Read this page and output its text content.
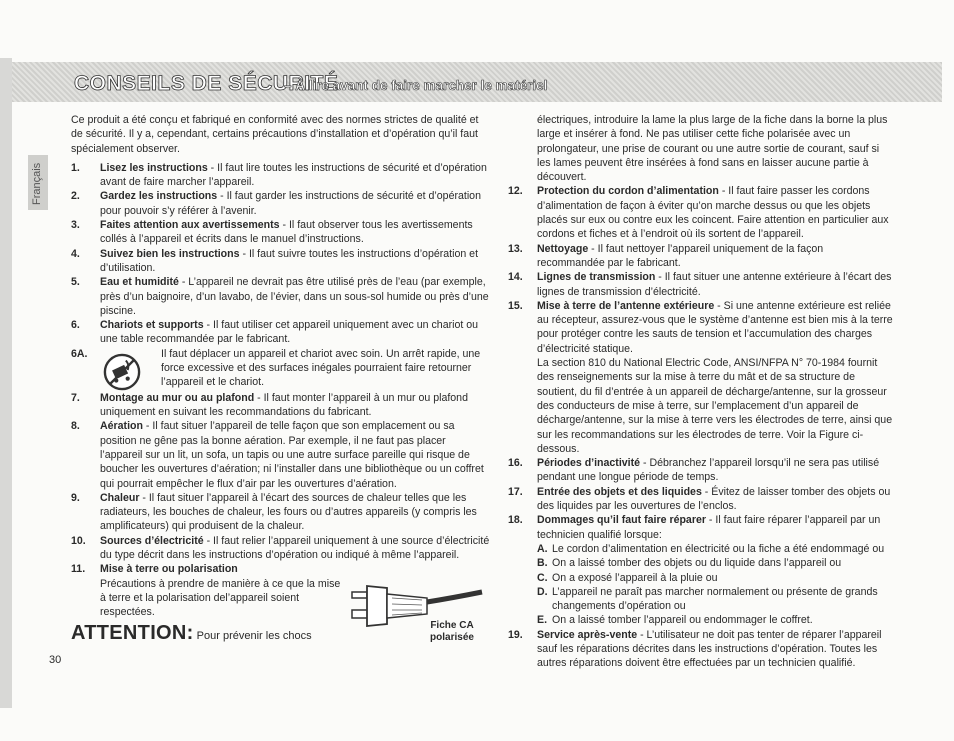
CONSEILS DE SÉCURITÉ
– À lire avant de faire marcher le matériel
Français

Ce produit a été conçu et fabriqué en conformité avec des normes strictes de qualité et de sécurité. Il y a, cependant, certains précautions d’installation et d’opération qu’il faut spécialement observer.

1. Lisez les instructions - Il faut lire toutes les instructions de sécurité et d’opération avant de faire marcher l’appareil.
2. Gardez les instructions - Il faut garder les instructions de sécurité et d’opération pour pouvoir s’y référer à l’avenir.
3. Faites attention aux avertissements - Il faut observer tous les avertissements collés à l’appareil et écrits dans le manuel d’instructions.
4. Suivez bien les instructions - Il faut suivre toutes les instructions d’opération et d’utilisation.
5. Eau et humidité - L’appareil ne devrait pas être utilisé près de l’eau (par exemple, près d’un baignoire, d’un lavabo, de l’évier, dans un sous-sol humide ou près d’une piscine.
6. Chariots et supports - Il faut utiliser cet appareil uniquement avec un chariot ou une table recommandée par le fabricant.
6A.	Il faut déplacer un appareil et chariot avec soin. Un arrêt rapide, une force excessive et des surfaces inégales pourraient faire retourner l’appareil et le chariot.
7. Montage au mur ou au plafond - Il faut monter l’appareil à un mur ou plafond uniquement en suivant les recommandations du fabricant.
8. Aération - Il faut situer l’appareil de telle façon que son emplacement ou sa position ne gêne pas la bonne aération. Par exemple, il ne faut pas placer l’appareil sur un lit, un sofa, un tapis ou une autre surface pareille qui risque de boucher les ouvertures d’aération; ni l’installer dans une bibliothèque ou un coffret qui pourrait empêcher le flux d’air par les ouvertures d’aération.
9. Chaleur - Il faut situer l’appareil à l’écart des sources de chaleur telles que les radiateurs, les bouches de chaleur, les fours ou d’autres appareils (y compris les amplificateurs) qui produisent de la chaleur.
10. Sources d’électricité - Il faut relier l’appareil uniquement à une source d’électricité du type décrit dans les instructions d’opération ou indiqué à même l’appareil.
11. Mise à terre ou polarisation
Précautions à prendre de manière à ce que la mise à terre et la polarisation del’appareil soient respectées.
Fiche CA polarisée
ATTENTION: Pour prévenir les chocs
30

électriques, introduire la lame la plus large de la fiche dans la borne la plus large et insérer à fond. Ne pas utiliser cette fiche polarisée avec un prolongateur, une prise de courant ou une autre sortie de courant, sauf si les lames peuvent être insérées à fond sans en laisser aucune partie à découvert.

12. Protection du cordon d’alimentation - Il faut faire passer les cordons d’alimentation de façon à éviter qu’on marche dessus ou que les objets placés sur eux ou contre eux les coincent. Faire attention en particulier aux cordons et fiches et à l’endroit où ils sortent de l’appareil.
13. Nettoyage - Il faut nettoyer l’appareil uniquement de la façon recommandée par le fabricant.
14. Lignes de transmission - Il faut situer une antenne extérieure à l’écart des lignes de transmission d’électricité.
15. Mise à terre de l’antenne extérieure - Si une antenne extérieure est reliée au récepteur, assurez-vous que le système d’antenne est bien mis à la terre pour protéger contre les sauts de tension et l’accumulation des charges d’électricité statique.

La section 810 du National Electric Code, ANSI/NFPA N° 70-1984 fournit des renseignements sur la mise à terre du mât et de sa structure de soutient, du fil d’entrée à un appareil de décharge/antenne, sur la grosseur des conducteurs de mise à terre, sur l’emplacement d’un appareil de décharge/antenne, sur la mise à terre vers les électrodes de terre, ainsi que sur les recommandations sur les électrodes de terre. Voir la Figure ci-dessous.

16. Périodes d’inactivité - Débranchez l’appareil lorsqu’il ne sera pas utilisé pendant une longue période de temps.
17. Entrée des objets et des liquides - Évitez de laisser tomber des objets ou des liquides par les ouvertures de l’enclos.
18. Dommages qu’il faut faire réparer - Il faut faire réparer l’appareil par un technicien qualifié lorsque:
A. Le cordon d’alimentation en électricité ou la fiche a été endommagé ou
B. On a laissé tomber des objets ou du liquide dans l’appareil ou
C. On a exposé l’appareil à la pluie ou
D. L’appareil ne paraît pas marcher normalement ou présente de grands changements d’opération ou
E. On a laissé tomber l’appareil ou endommager le coffret.
19. Service après-vente - L’utilisateur ne doit pas tenter de réparer l’appareil sauf les réparations décrites dans les instructions d’opération. Toutes les autres réparations doivent être effectuées par un technicien qualifié.
